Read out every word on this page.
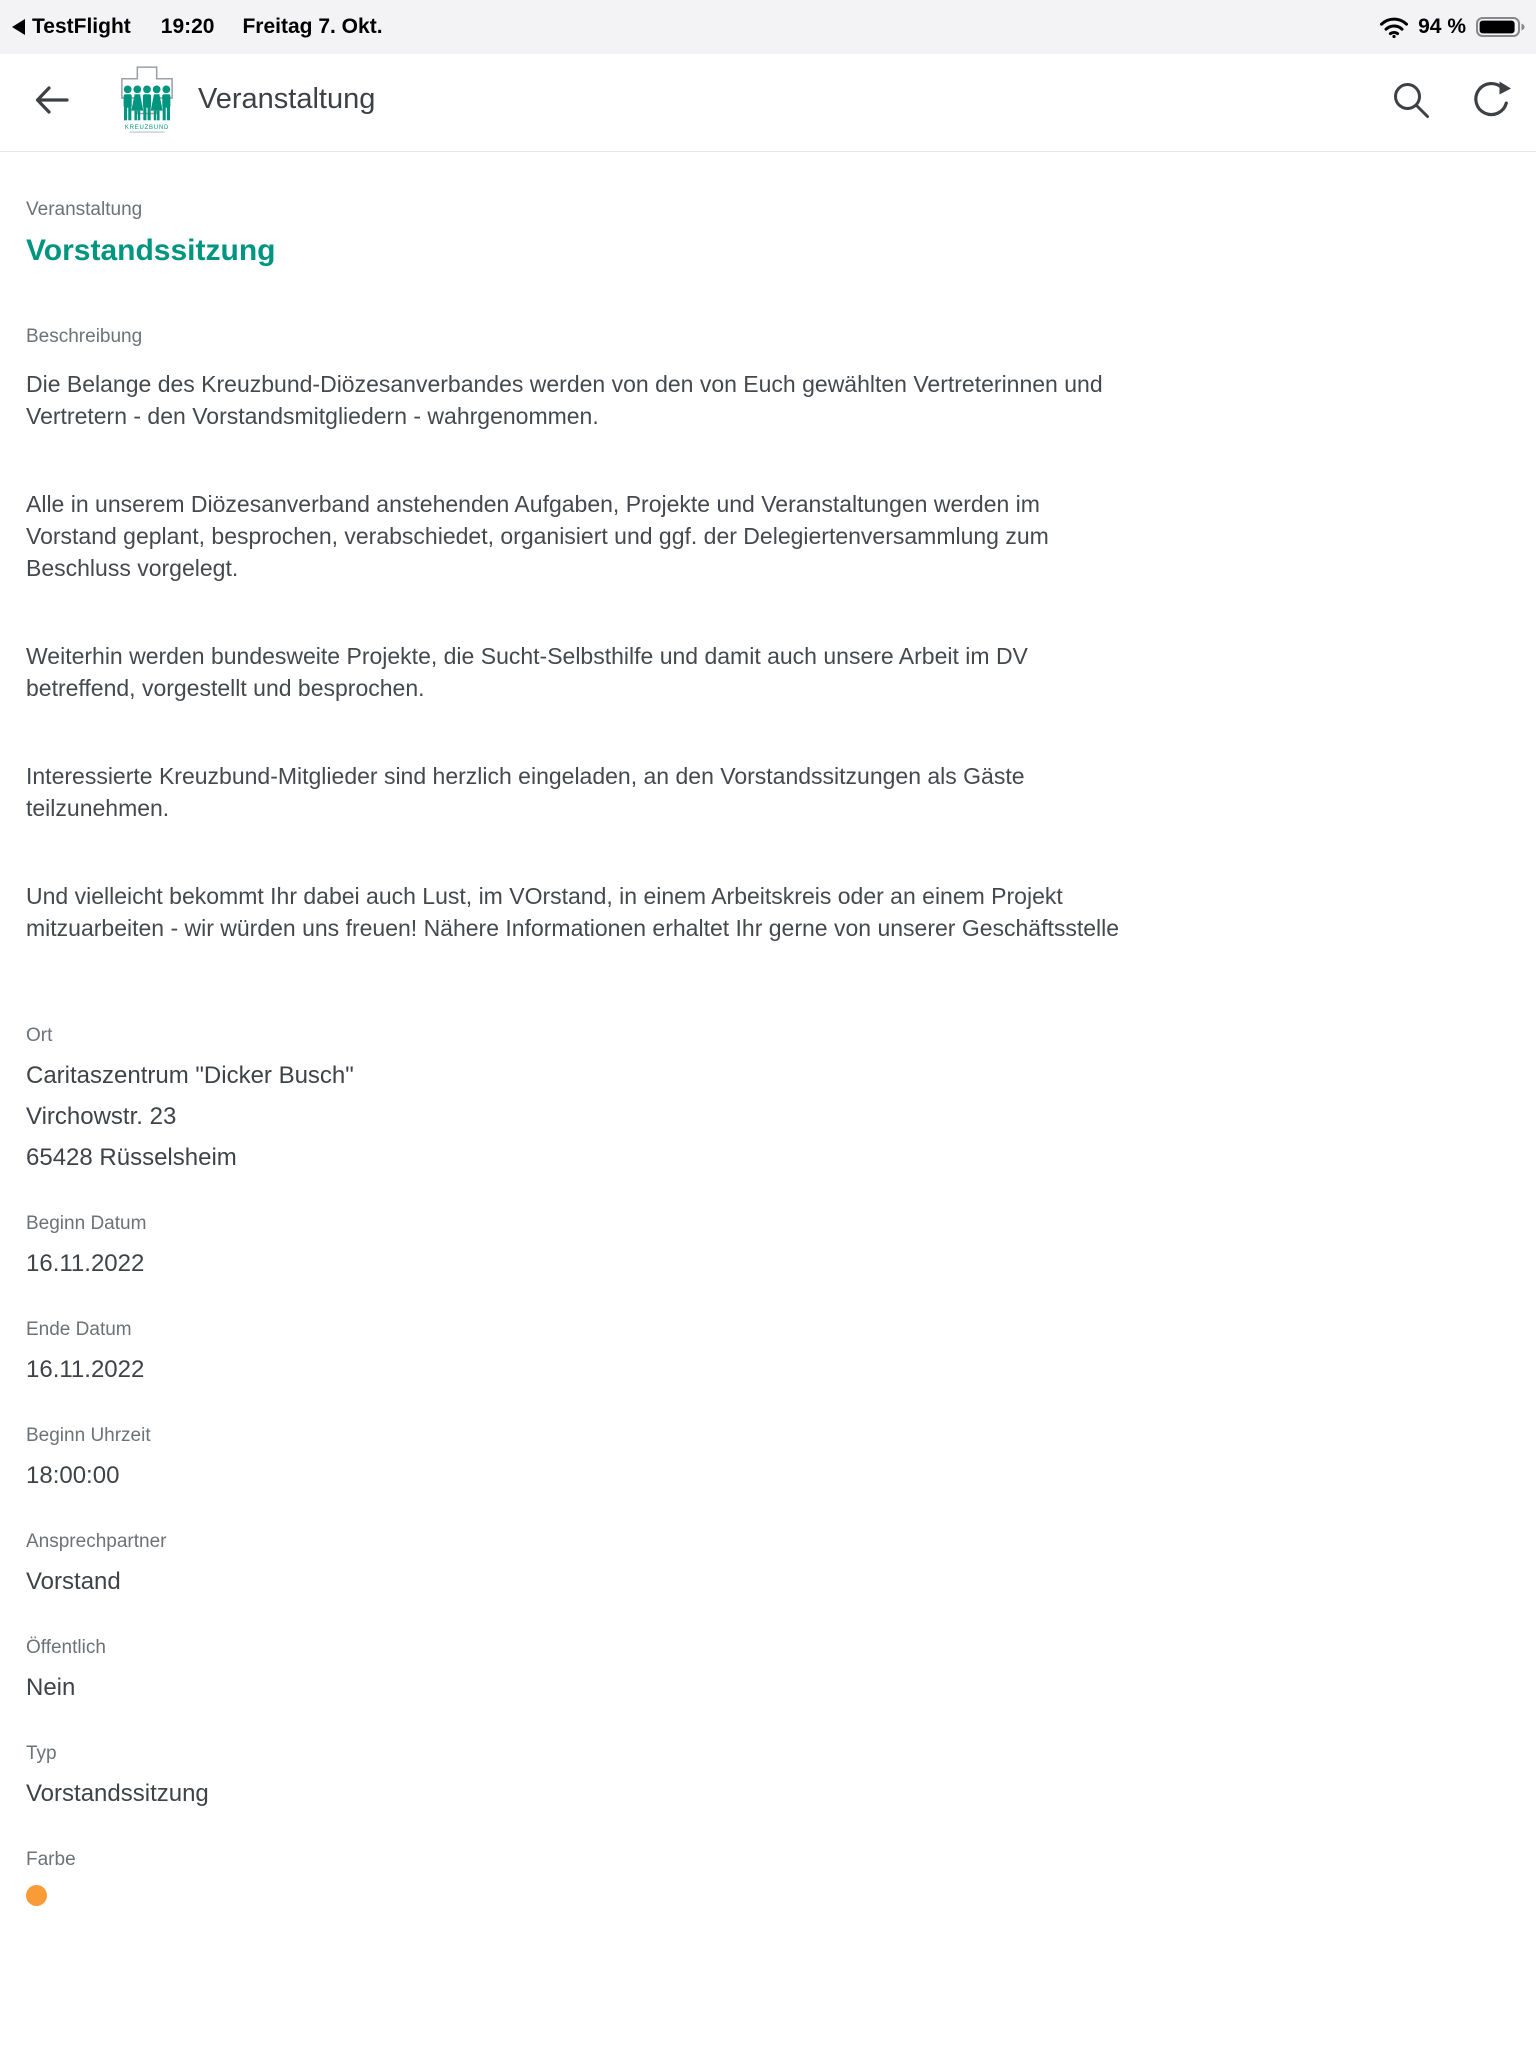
TestFlight 19:20 Freitag 7. Okt.	94 %
KREUZBUND
Veranstaltung
Veranstaltung
Vorstandssitzung
Beschreibung

Die Belange des Kreuzbund-Diözesanverbandes werden von den von Euch gewählten Vertreterinnen und Vertretern - den Vorstandsmitgliedern - wahrgenommen.

Alle in unserem Diözesanverband anstehenden Aufgaben, Projekte und Veranstaltungen werden im Vorstand geplant, besprochen, verabschiedet, organisiert und ggf. der Delegiertenversammlung zum Beschluss vorgelegt.

Weiterhin werden bundesweite Projekte, die Sucht-Selbsthilfe und damit auch unsere Arbeit im DV betreffend, vorgestellt und besprochen.

Interessierte Kreuzbund-Mitglieder sind herzlich eingeladen, an den Vorstandssitzungen als Gäste teilzunehmen.

Und vielleicht bekommt Ihr dabei auch Lust, im VOrstand, in einem Arbeitskreis oder an einem Projekt mitzuarbeiten - wir würden uns freuen! Nähere Informationen erhaltet Ihr gerne von unserer Geschäftsstelle

Ort
Caritaszentrum "Dicker Busch"
Virchowstr. 23
65428 Rüsselsheim
Beginn Datum
16.11.2022
Ende Datum
16.11.2022
Beginn Uhrzeit
18:00:00
Ansprechpartner
Vorstand
Öffentlich
Nein
Typ
Vorstandssitzung
Farbe
